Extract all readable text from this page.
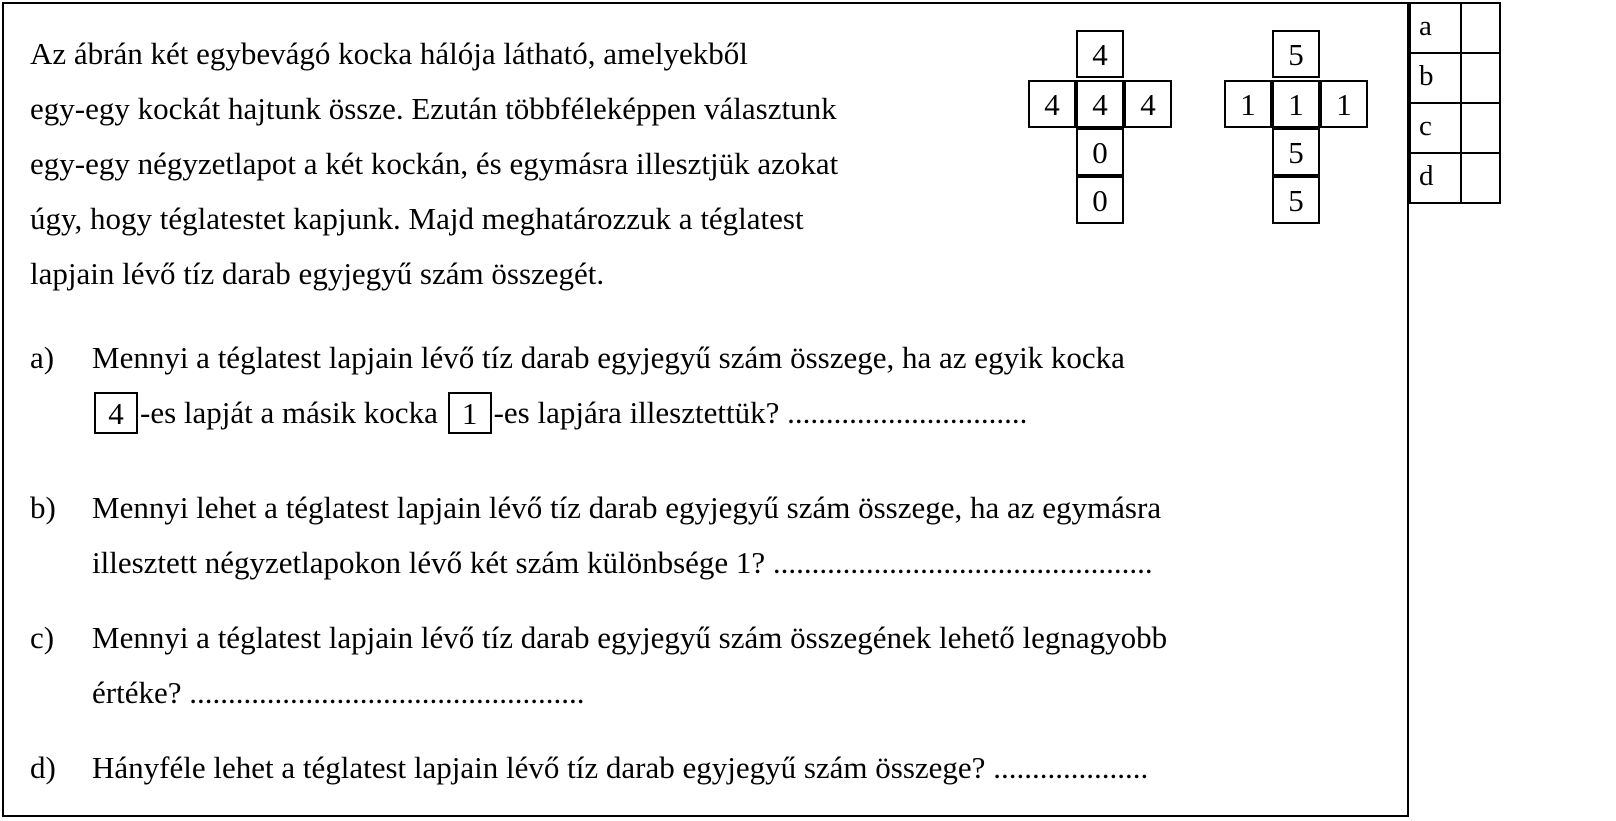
Az ábrán két egybevágó kocka hálója látható, amelyekből

egy-egy kockát hajtunk össze. Ezután többféleképpen választunk

egy-egy négyzetlapot a két kockán, és egymásra illesztjük azokat

úgy, hogy téglatestet kapjunk. Majd meghatározzuk a téglatest

lapjain lévő tíz darab egyjegyű szám összegét.

4
4	4	4
0
0
5
1	1	1
5
5
a) Mennyi a téglatest lapjain lévő tíz darab egyjegyű szám összege, ha az egyik kocka

4 -es lapját a másik kocka 1 -es lapjára illesztettük? ...............................

b) Mennyi lehet a téglatest lapjain lévő tíz darab egyjegyű szám összege, ha az egymásra

illesztett négyzetlapokon lévő két szám különbsége 1? .................................................

c) Mennyi a téglatest lapjain lévő tíz darab egyjegyű szám összegének lehető legnagyobb

értéke? ...................................................

d) Hányféle lehet a téglatest lapjain lévő tíz darab egyjegyű szám összege? ....................

a	
b	
c	
d	
